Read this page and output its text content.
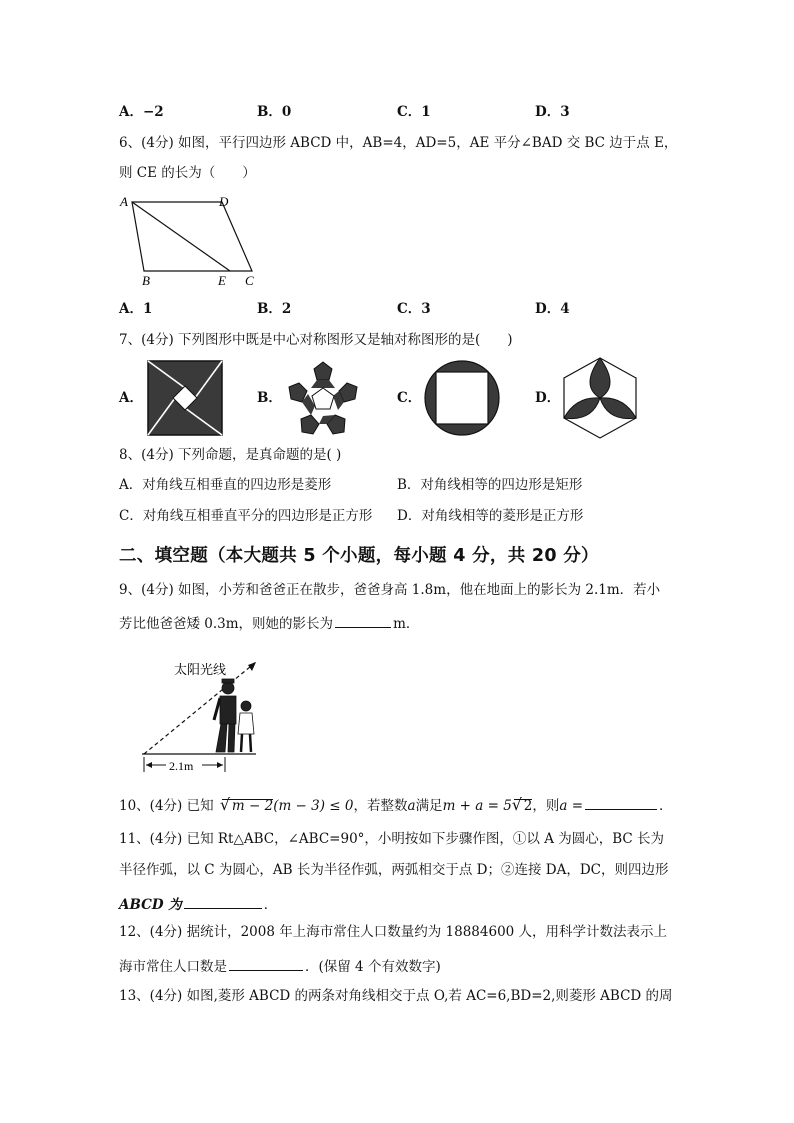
A．−2	B．0	C．1	D．3
6、(4分) 如图，平行四边形 ABCD 中，AB=4，AD=5，AE 平分∠BAD 交 BC 边于点 E，
则 CE 的长为（　　）
A	D
B	E C
A．1	B．2	C．3	D．4
7、(4分) 下列图形中既是中心对称图形又是轴对称图形的是(　　)
A．	B．	C．	D．
8、(4分) 下列命题，是真命题的是( )
A．对角线互相垂直的四边形是菱形	B．对角线相等的四边形是矩形
C．对角线互相垂直平分的四边形是正方形 D．对角线相等的菱形是正方形
二、填空题（本大题共 5 个小题，每小题 4 分，共 20 分）
9、(4分) 如图，小芳和爸爸正在散步，爸爸身高 1.8m，他在地面上的影长为 2.1m．若小
芳比他爸爸矮 0.3m，则她的影长为	m．
太阳光线
2.1m
10、(4分) 已知 √ m − 2(m − 3) ≤ 0，若整数a满足m + a = 5 √ 2，则a =	．
11、(4分) 已知 Rt△ABC，∠ABC=90°，小明按如下步骤作图，①以 A 为圆心，BC 长为
半径作弧，以 C 为圆心，AB 长为半径作弧，两弧相交于点 D；②连接 DA，DC，则四边形
ABCD 为	．
12、(4分) 据统计，2008 年上海市常住人口数量约为 18884600 人，用科学计数法表示上
海市常住人口数是	．(保留 4 个有效数字)
13、(4分) 如图,菱形 ABCD 的两条对角线相交于点 O,若 AC=6,BD=2,则菱形 ABCD 的周
